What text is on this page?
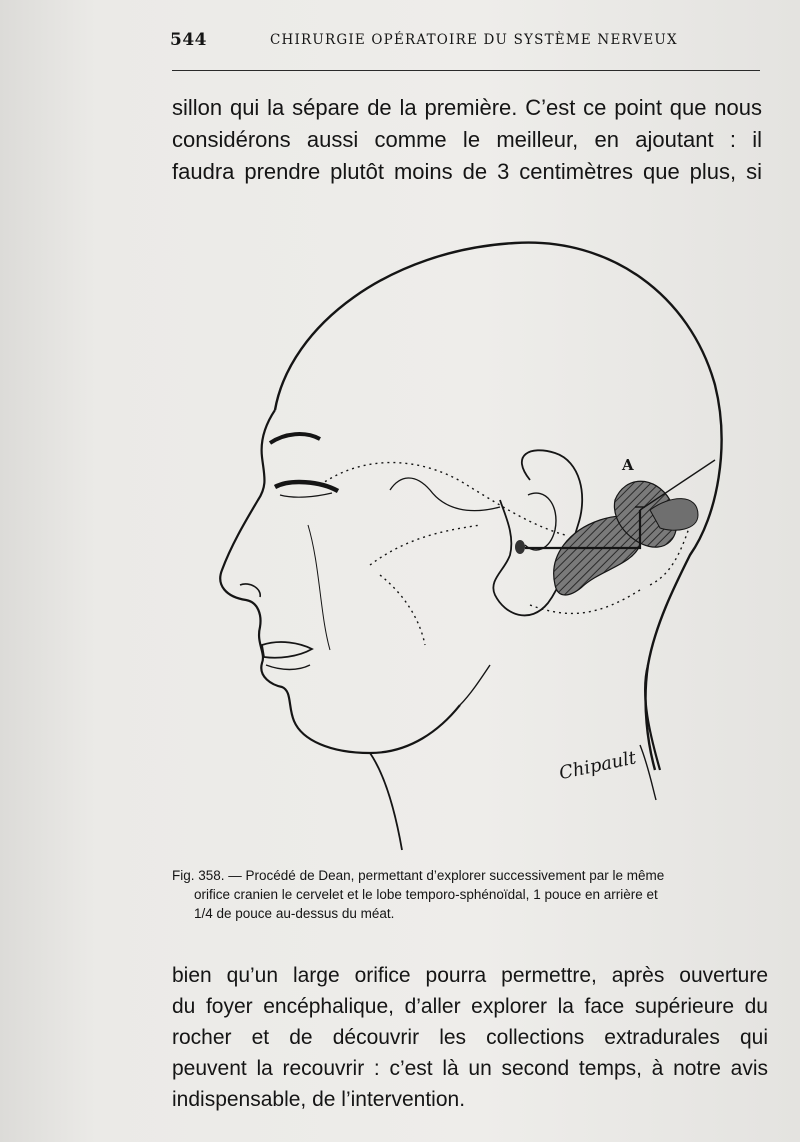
544	CHIRURGIE OPÉRATOIRE DU SYSTÈME NERVEUX
sillon qui la sépare de la première. C’est ce point que nous
considérons aussi comme le meilleur, en ajoutant : il
faudra prendre plutôt moins de 3 centimètres que plus, si
A
Chipault
Fig. 358. — Procédé de Dean, permettant d’explorer successivement par le même
orifice cranien le cervelet et le lobe temporo-sphénoïdal, 1 pouce en arrière et
1/4 de pouce au-dessus du méat.
bien qu’un large orifice pourra permettre, après ouverture
du foyer encéphalique, d’aller explorer la face supérieure du
rocher et de découvrir les collections extradurales qui
peuvent la recouvrir : c’est là un second temps, à notre avis
indispensable, de l’intervention.
